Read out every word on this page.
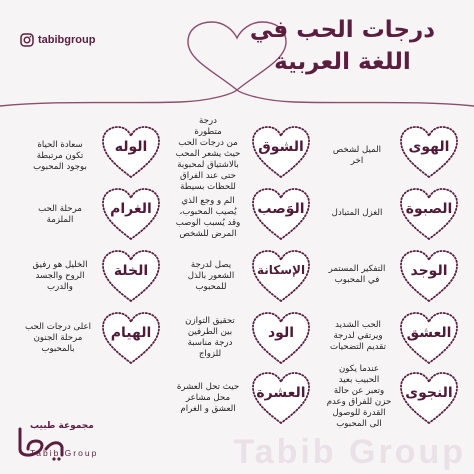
tabibgroup	درجات الحب في
اللغة العربية
الهوى
الميل لشخص
اخر
الشوق
درجة
متطورة
من درجات الحب
حيث يشعر المحب
بالاشتياق لمحبوبة
حتى عند الفراق
للحظات بسيطة
الوله
سعادة الحياة
تكون مرتبطة
بوجود المحبوب
الصبوة
الغزل المتبادل
الوَصب
الم و وجع الذي
يُصيب المحبوب،
وقد يُسبب الوصب
المرض للشخص
الغرام
مرحلة الحب
الملزمة
الوجد
التفكير المستمر
في المحبوب
الإسكانة
يصل لدرجة
الشعور بالذل
للمحبوب
الخلة
الخليل هو رفيق
الروح والجسد
والدرب
العشق
الحب الشديد
ويرتقي لدرجة
تقديم التضحيات
الود
تحقيق التوازن
بين الطرفين
درجة مناسبة
للزواج
الهيام
اعلى درجات الحب
مرحلة الجنون
بالمحبوب
النجوى
عندما يكون
الحبيب بعيد
وتعبر عن حالة
حزن للفراق وعدم
القدرة للوصول
الى المحبوب
العشرة
حيث تحل العشرة
محل مشاعر
العشق و الغرام
مجموعة طبيب
Tabib Group	Tabib Group
